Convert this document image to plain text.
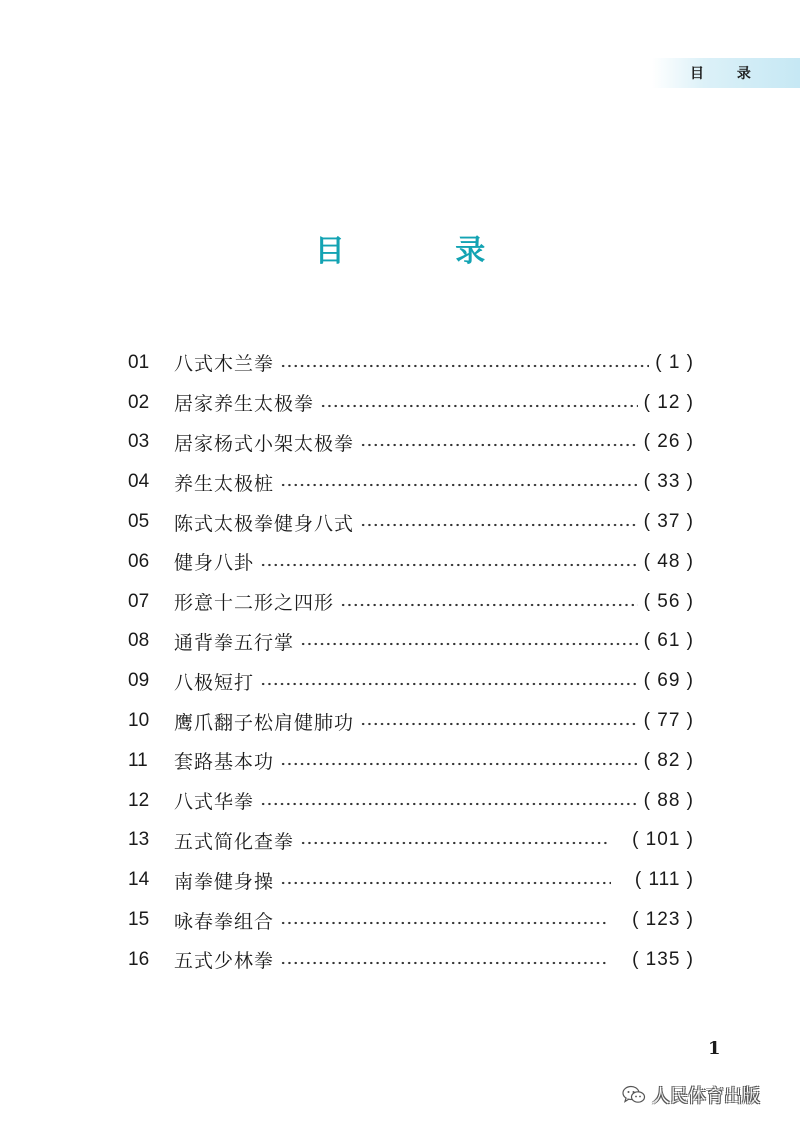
目 录
目 录
01	八式木兰拳	( 1 )
02	居家养生太极拳	( 12 )
03	居家杨式小架太极拳	( 26 )
04	养生太极桩	( 33 )
05	陈式太极拳健身八式	( 37 )
06	健身八卦	( 48 )
07	形意十二形之四形	( 56 )
08	通背拳五行掌	( 61 )
09	八极短打	( 69 )
10	鹰爪翻子松肩健肺功	( 77 )
11	套路基本功	( 82 )
12	八式华拳	( 88 )
13	五式简化查拳	( 101 )
14	南拳健身操	( 111 )
15	咏春拳组合	( 123 )
16	五式少林拳	( 135 )
1
人民体育出版
